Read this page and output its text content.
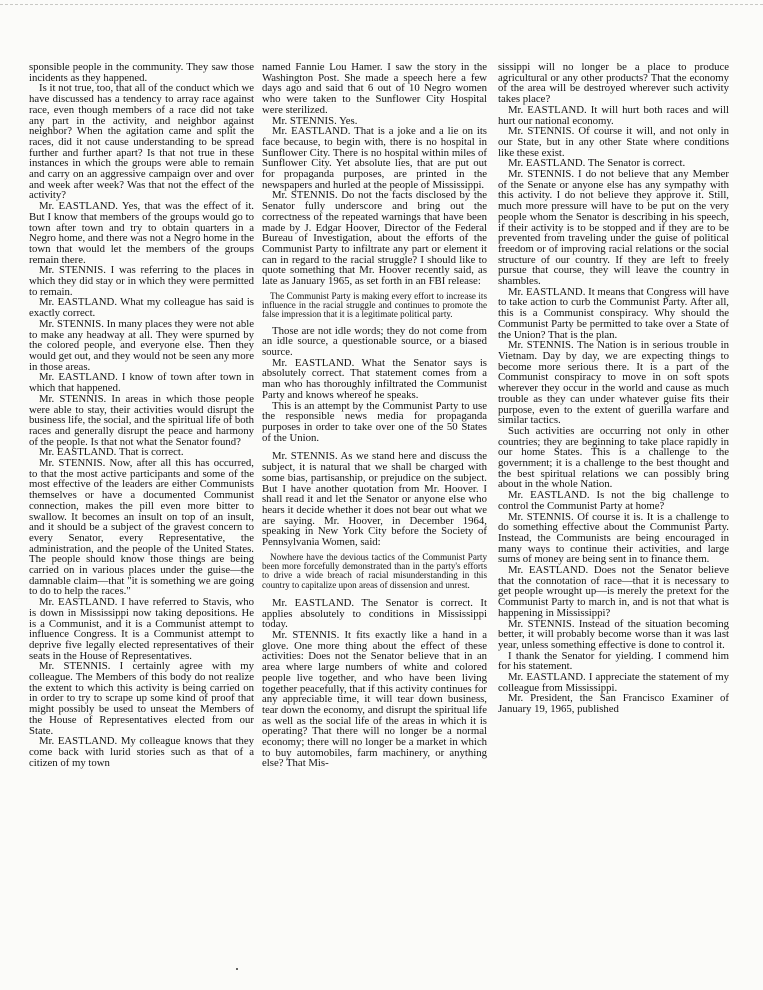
sponsible people in the community. They saw those incidents as they happened.

Is it not true, too, that all of the conduct which we have discussed has a tendency to array race against race, even though members of a race did not take any part in the activity, and neighbor against neighbor? When the agitation came and split the races, did it not cause understanding to be spread further and further apart? Is that not true in these instances in which the groups were able to remain and carry on an aggressive campaign over and over and week after week? Was that not the effect of the activity?

Mr. EASTLAND. Yes, that was the effect of it. But I know that members of the groups would go to town after town and try to obtain quarters in a Negro home, and there was not a Negro home in the town that would let the members of the groups remain there.

Mr. STENNIS. I was referring to the places in which they did stay or in which they were permitted to remain.

Mr. EASTLAND. What my colleague has said is exactly correct.

Mr. STENNIS. In many places they were not able to make any headway at all. They were spurned by the colored people, and everyone else. Then they would get out, and they would not be seen any more in those areas.

Mr. EASTLAND. I know of town after town in which that happened.

Mr. STENNIS. In areas in which those people were able to stay, their activities would disrupt the business life, the social, and the spiritual life of both races and generally disrupt the peace and harmony of the people. Is that not what the Senator found?

Mr. EASTLAND. That is correct.

Mr. STENNIS. Now, after all this has occurred, to that the most active participants and some of the most effective of the leaders are either Communists themselves or have a documented Communist connection, makes the pill even more bitter to swallow. It becomes an insult on top of an insult, and it should be a subject of the gravest concern to every Senator, every Representative, the administration, and the people of the United States. The people should know those things are being carried on in various places under the guise—the damnable claim—that "it is something we are going to do to help the races."

Mr. EASTLAND. I have referred to Stavis, who is down in Mississippi now taking depositions. He is a Communist, and it is a Communist attempt to influence Congress. It is a Communist attempt to deprive five legally elected representatives of their seats in the House of Representatives.

Mr. STENNIS. I certainly agree with my colleague. The Members of this body do not realize the extent to which this activity is being carried on in order to try to scrape up some kind of proof that might possibly be used to unseat the Members of the House of Representatives elected from our State.

Mr. EASTLAND. My colleague knows that they come back with lurid stories such as that of a citizen of my town

named Fannie Lou Hamer. I saw the story in the Washington Post. She made a speech here a few days ago and said that 6 out of 10 Negro women who were taken to the Sunflower City Hospital were sterilized.

Mr. STENNIS. Yes.

Mr. EASTLAND. That is a joke and a lie on its face because, to begin with, there is no hospital in Sunflower City. There is no hospital within miles of Sunflower City. Yet absolute lies, that are put out for propaganda purposes, are printed in the newspapers and hurled at the people of Mississippi.

Mr. STENNIS. Do not the facts disclosed by the Senator fully underscore and bring out the correctness of the repeated warnings that have been made by J. Edgar Hoover, Director of the Federal Bureau of Investigation, about the efforts of the Communist Party to infiltrate any part or element it can in regard to the racial struggle? I should like to quote something that Mr. Hoover recently said, as late as January 1965, as set forth in an FBI release:

The Communist Party is making every effort to increase its influence in the racial struggle and continues to promote the false impression that it is a legitimate political party.

Those are not idle words; they do not come from an idle source, a questionable source, or a biased source.

Mr. EASTLAND. What the Senator says is absolutely correct. That statement comes from a man who has thoroughly infiltrated the Communist Party and knows whereof he speaks.

This is an attempt by the Communist Party to use the responsible news media for propaganda purposes in order to take over one of the 50 States of the Union.

Mr. STENNIS. As we stand here and discuss the subject, it is natural that we shall be charged with some bias, partisanship, or prejudice on the subject. But I have another quotation from Mr. Hoover. I shall read it and let the Senator or anyone else who hears it decide whether it does not bear out what we are saying. Mr. Hoover, in December 1964, speaking in New York City before the Society of Pennsylvania Women, said:

Nowhere have the devious tactics of the Communist Party been more forcefully demonstrated than in the party's efforts to drive a wide breach of racial misunderstanding in this country to capitalize upon areas of dissension and unrest.

Mr. EASTLAND. The Senator is correct. It applies absolutely to conditions in Mississippi today.

Mr. STENNIS. It fits exactly like a hand in a glove. One more thing about the effect of these activities: Does not the Senator believe that in an area where large numbers of white and colored people live together, and who have been living together peacefully, that if this activity continues for any appreciable time, it will tear down business, tear down the economy, and disrupt the spiritual life as well as the social life of the areas in which it is operating? That there will no longer be a normal economy; there will no longer be a market in which to buy automobiles, farm machinery, or anything else? That Mis-

sissippi will no longer be a place to produce agricultural or any other products? That the economy of the area will be destroyed wherever such activity takes place?

Mr. EASTLAND. It will hurt both races and will hurt our national economy.

Mr. STENNIS. Of course it will, and not only in our State, but in any other State where conditions like these exist.

Mr. EASTLAND. The Senator is correct.

Mr. STENNIS. I do not believe that any Member of the Senate or anyone else has any sympathy with this activity. I do not believe they approve it. Still, much more pressure will have to be put on the very people whom the Senator is describing in his speech, if their activity is to be stopped and if they are to be prevented from traveling under the guise of political freedom or of improving racial relations or the social structure of our country. If they are left to freely pursue that course, they will leave the country in shambles.

Mr. EASTLAND. It means that Congress will have to take action to curb the Communist Party. After all, this is a Communist conspiracy. Why should the Communist Party be permitted to take over a State of the Union? That is the plan.

Mr. STENNIS. The Nation is in serious trouble in Vietnam. Day by day, we are expecting things to become more serious there. It is a part of the Communist conspiracy to move in on soft spots wherever they occur in the world and cause as much trouble as they can under whatever guise fits their purpose, even to the extent of guerilla warfare and similar tactics.

Such activities are occurring not only in other countries; they are beginning to take place rapidly in our home States. This is a challenge to the government; it is a challenge to the best thought and the best spiritual relations we can possibly bring about in the whole Nation.

Mr. EASTLAND. Is not the big challenge to control the Communist Party at home?

Mr. STENNIS. Of course it is. It is a challenge to do something effective about the Communist Party. Instead, the Communists are being encouraged in many ways to continue their activities, and large sums of money are being sent in to finance them.

Mr. EASTLAND. Does not the Senator believe that the connotation of race—that it is necessary to get people wrought up—is merely the pretext for the Communist Party to march in, and is not that what is happening in Mississippi?

Mr. STENNIS. Instead of the situation becoming better, it will probably become worse than it was last year, unless something effective is done to control it.

I thank the Senator for yielding. I commend him for his statement.

Mr. EASTLAND. I appreciate the statement of my colleague from Mississippi.

Mr. President, the San Francisco Examiner of January 19, 1965, published
